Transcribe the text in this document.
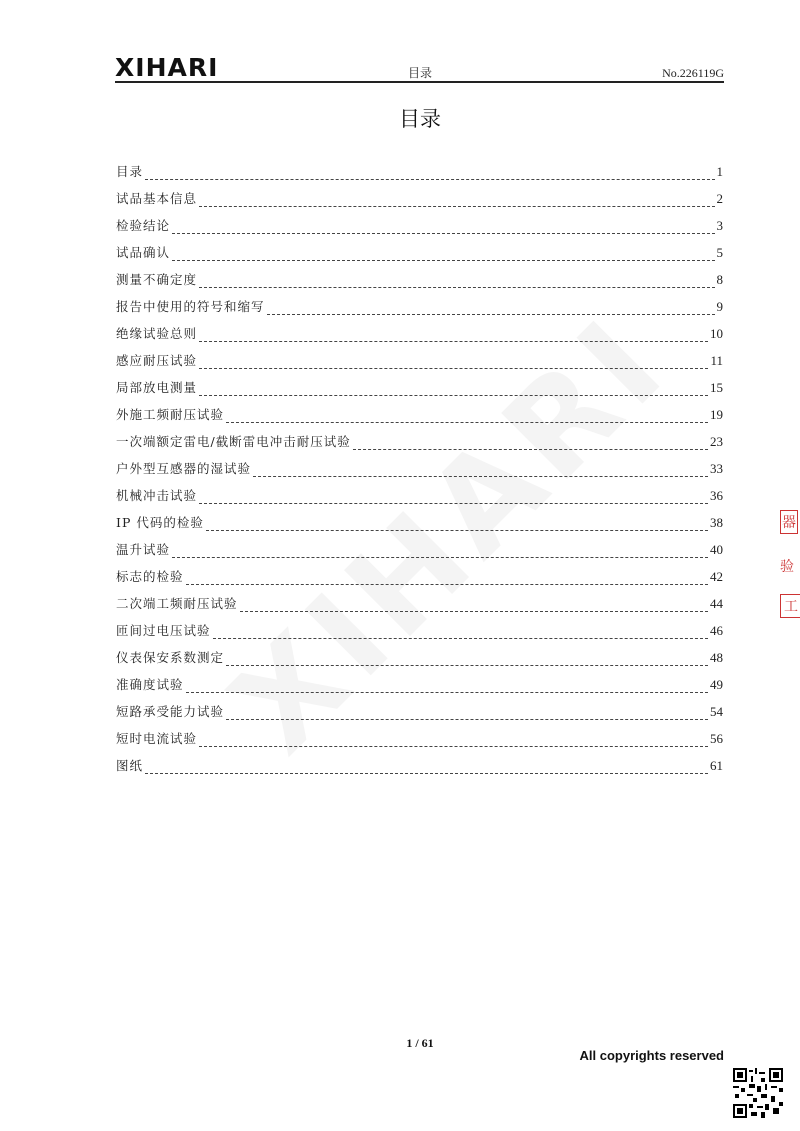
XIHARI	目录	No.226119G
目录
目录	1
试品基本信息	2
检验结论	3
试品确认	5
测量不确定度	8
报告中使用的符号和缩写	9
绝缘试验总则	10
感应耐压试验	11
局部放电测量	15
外施工频耐压试验	19
一次端额定雷电/截断雷电冲击耐压试验	23
户外型互感器的湿试验	33
机械冲击试验	36
IP 代码的检验	38
温升试验	40
标志的检验	42
二次端工频耐压试验	44
匝间过电压试验	46
仪表保安系数测定	48
准确度试验	49
短路承受能力试验	54
短时电流试验	56
图纸	61
器
验
工
1 / 61
All copyrights reserved
